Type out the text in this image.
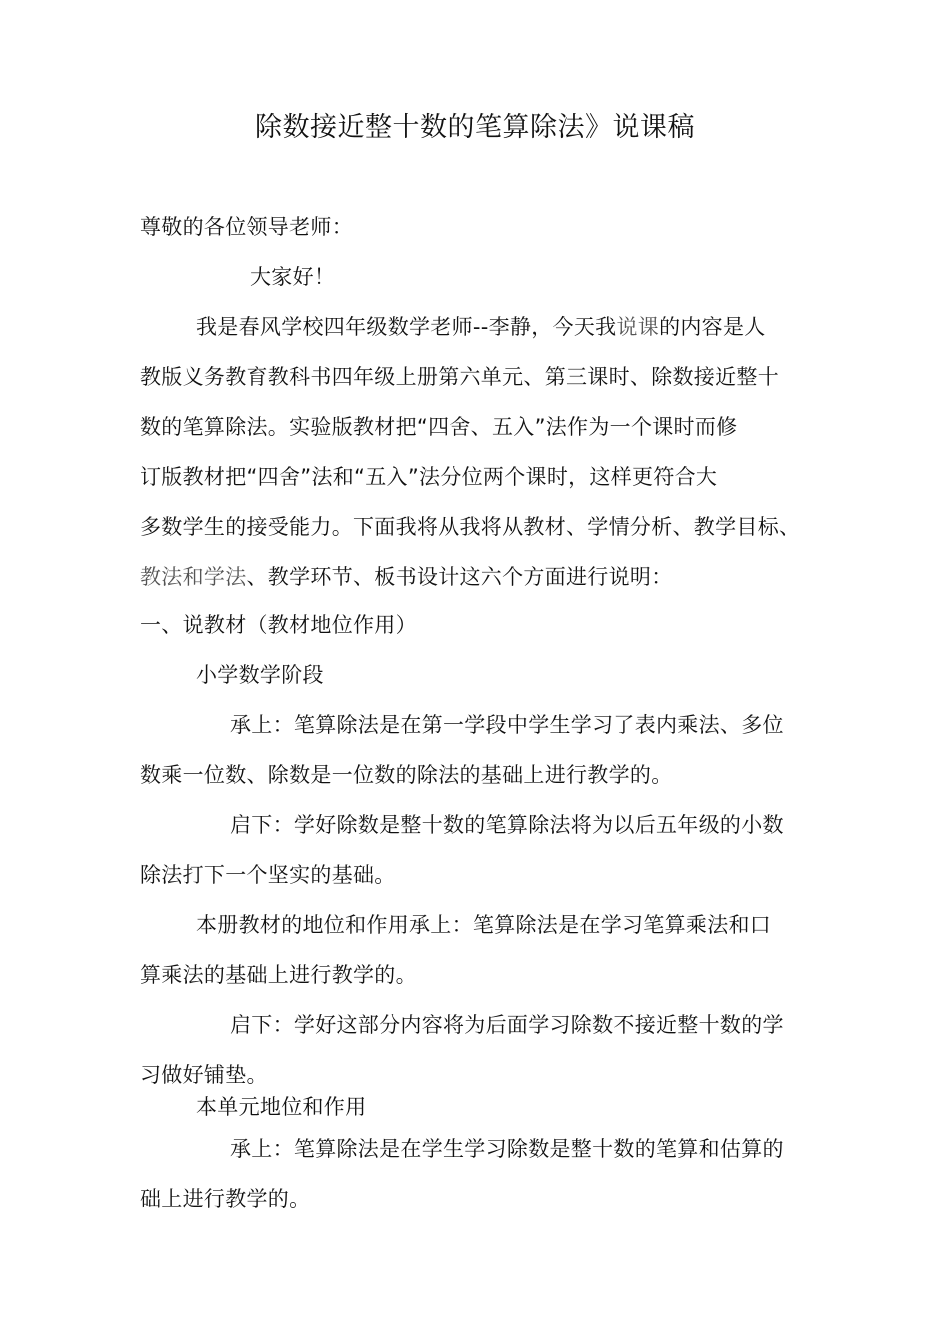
除数接近整十数的笔算除法》说课稿
尊敬的各位领导老师：
大家好！
我是春风学校四年级数学老师--李静，今天我说课的内容是人
教版义务教育教科书四年级上册第六单元、第三课时、除数接近整十
数的笔算除法。实验版教材把“四舍、五入”法作为一个课时而修
订版教材把“四舍”法和“五入”法分位两个课时，这样更符合大
多数学生的接受能力。下面我将从我将从教材、学情分析、教学目标、
教法和学法、教学环节、板书设计这六个方面进行说明：
一、说教材（教材地位作用）
小学数学阶段
承上：笔算除法是在第一学段中学生学习了表内乘法、多位
数乘一位数、除数是一位数的除法的基础上进行教学的。
启下：学好除数是整十数的笔算除法将为以后五年级的小数
除法打下一个坚实的基础。
本册教材的地位和作用承上：笔算除法是在学习笔算乘法和口
算乘法的基础上进行教学的。
启下：学好这部分内容将为后面学习除数不接近整十数的学
习做好铺垫。
本单元地位和作用
承上：笔算除法是在学生学习除数是整十数的笔算和估算的
础上进行教学的。
